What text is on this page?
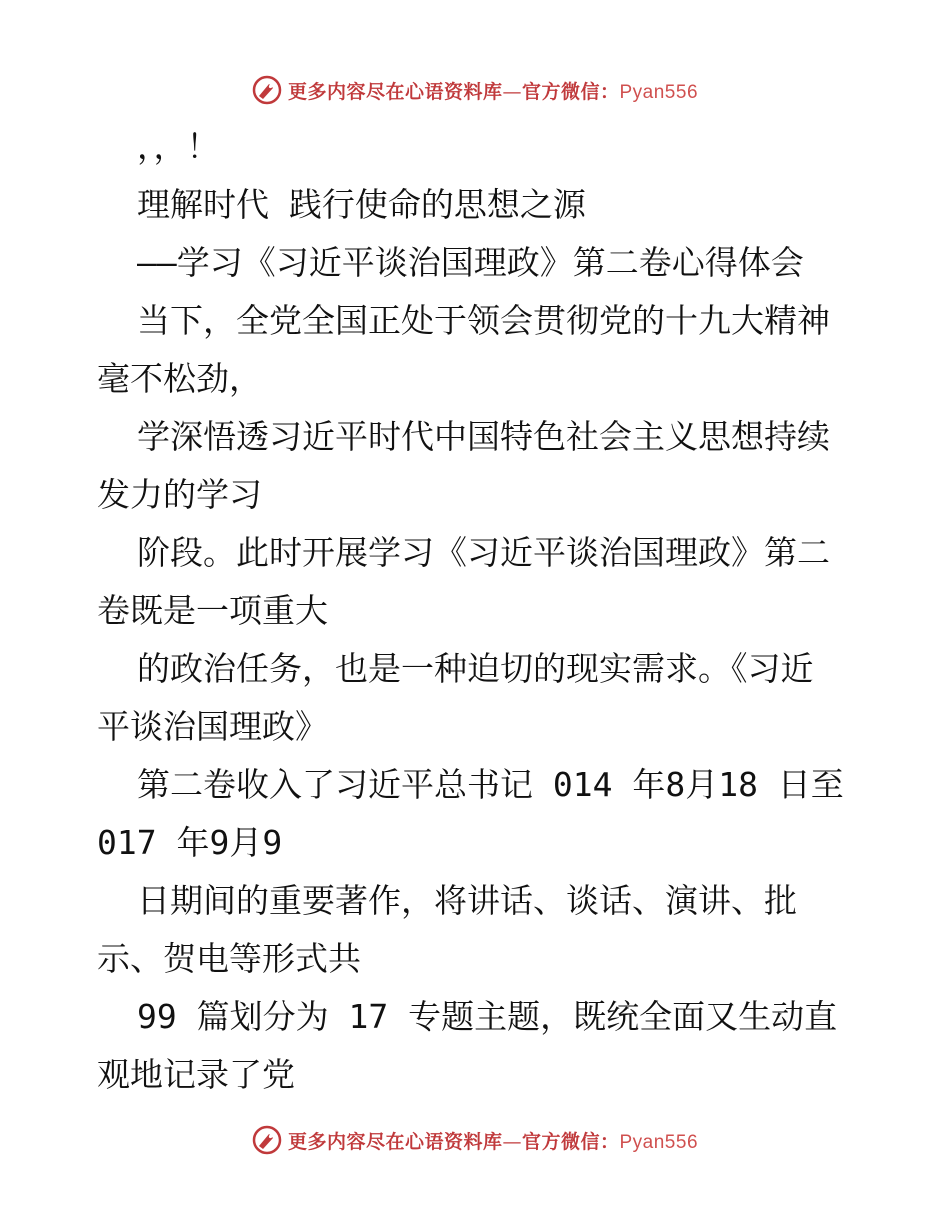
更多内容尽在心语资料库—官方微信：Pyan556

，，！

理解时代 践行使命的思想之源

——学习《习近平谈治国理政》第二卷心得体会

当下，全党全国正处于领会贯彻党的十九大精神

毫不松劲，

学深悟透习近平时代中国特色社会主义思想持续

发力的学习

阶段。此时开展学习《习近平谈治国理政》第二

卷既是一项重大

的政治任务，也是一种迫切的现实需求。《习近

平谈治国理政》

第二卷收入了习近平总书记 014 年8月18 日至

017 年9月9

日期间的重要著作，将讲话、谈话、演讲、批

示、贺电等形式共

99 篇划分为 17 专题主题，既统全面又生动直

观地记录了党

更多内容尽在心语资料库—官方微信：Pyan556
